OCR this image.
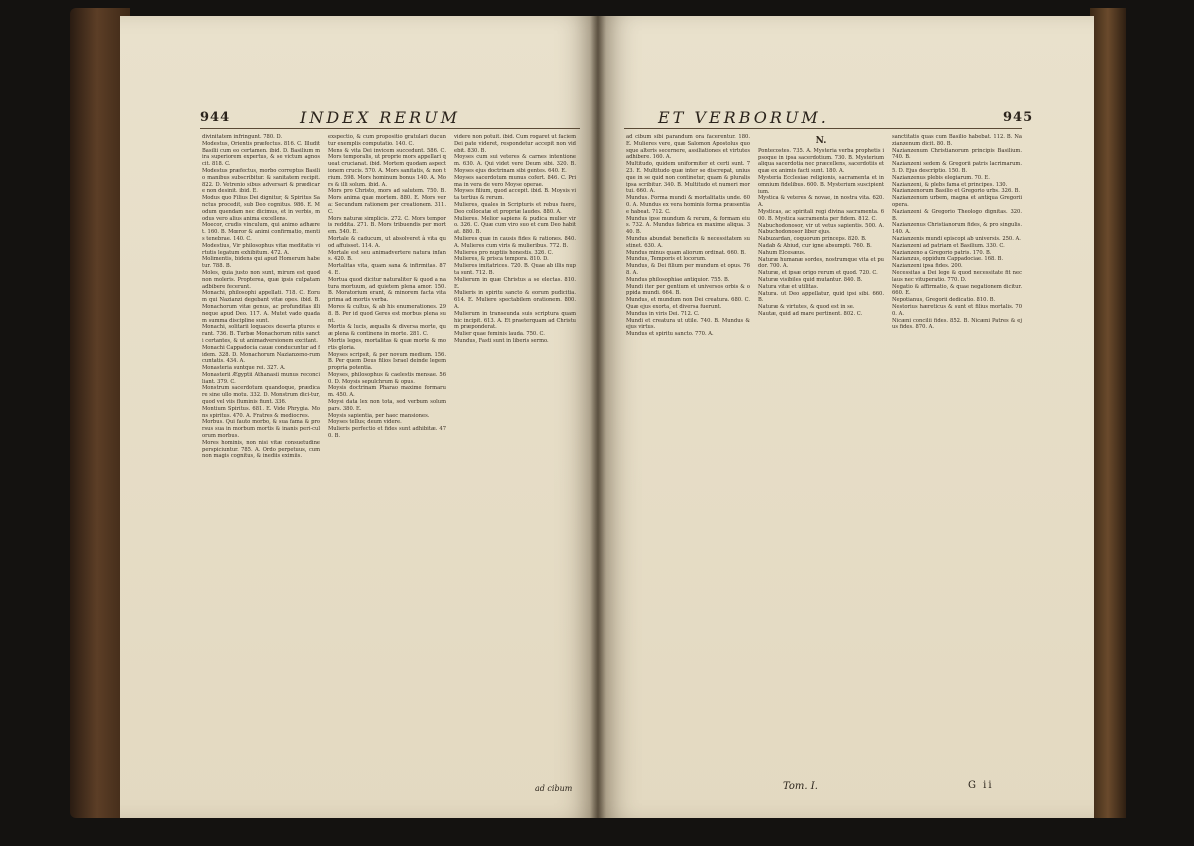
944	INDEX RERUM

divinitatem infringunt. 780. D.

Modestus, Orientis præfectus. 816. C. Illudit Basilii cum eo certamen. ibid. D. Basilium mira superiorem expertus, & se victum agnoscit. 818. C.

Modestus præfectus, morbo correptus Basilio manibus subscribitur. & sanitatem recipit. 822. D. Vetrenio sibus adversari & prædicare non desinit. ibid. E.

Modus quo Filius Dei dignitur, & Spiritus Sanctus procedit, sub Deo cognitus. 986. E. Modum quendam nec dicimus, et in verbis, modus vero alius anima excellens.

Moecor, crudis vinculum, qui animo adhæret. 160. B. Mœror & animi confirmatio, mentis tenebrae. 140. C.

Modestius, Vir philosophus vitæ meditatis virtutis legatum exhibitum. 472. A.

Molimentis, bidens qui apud Homerum habetur. 788. B.

Moles, quia justo non sunt, mirum est quod non moleris. Propterea, quæ ipsis culpatam adbibere fecerunt.

Monachi, philosophi appellati. 718. C. Eorum qui Nazianzi degebant vitæ opes. ibid. B. Monachorum vitæ genus, ac profunditas illi neque apud Deo. 117. A. Mutet vado quadam summa discipline sunt.

Monachi, solitarii loquaces deserta ptures erant. 736. B. Turbæ Monachorum nitis sancti certantes, & ut animadversionem excitant.

Monachi Cappadocia cauæ conducuntur ad fidem. 328. D. Monachorum Nazianzeno-rum cuntatis. 434. A.

Monasteria suntque rei. 327. A.

Monasterii Ægyptii Athanasii munus reconciliant. 379. C.

Monstrum sacerdotum quandoque, prædicare sine ullo motu. 332. D. Monstrum dici-tur, quod vel viis fluminis fiunt. 336.

Montium Spiritus. 681. E. Vide Phrygia. Mons spiritus. 470. A. Fratres & mediocres.

Morbus. Qui fauto morbo, & sua fama & prorsus sua in morbum mortis & inanis peri-culorum morbus.

Mores hominis, non nisi vitæ consuetudine perspiciuntur. 785. A. Ordo perpetuus, cum non magis cognitus, & inediis eximiis.

exspectio, & cum propositio gratulari ducuntur exemplis computatio. 140. C.

Mens & vita Dei invicem succedunt. 586. C. Mors temporalis, ut proprie mors appellari queat crucianat. ibid. Mortem quodam aspectionem crucis. 570. A. Mors sanitatis, & non trium. 598. Mors hominum bonus 140. A. Mors & illi solum. ibid. A.

Mors pro Christo, mors ad salutem. 750. B. Mors anima quæ mortem. 880. E. Mors vera: Secundum rationem per creationem. 311. C.

Mors naturæ simplicis. 272. C. Mors temporis reddita. 271. B. Mors tribuendis per mortem. 540. E.

Mortale & caducum, ut absolveret à vita quod affuisset. 114. A.

Mortale est seu animadvertere natura infans. 420. B.

Mortalitas vita, quam sana & infirmitas. 874. E.

Mortua quod dicitur naturaliter & quod a natura mortuum, ad quietem plena amor. 150. B. Moratorium erant, & minorem facta vita prima ad mortis verba.

Mores & cultus, & ab his enumerationes. 298. B. Per id quod Geres est morbus plena sunt.

Mortis & lucis, æqualis & diversa morte, quæ plena & continens in morte. 281. C.

Mortis leges, mortalitas & quæ morte & mortis gloria.

Moyses scripsit, & per novum medium. 156. B. Per quem Deus filios Israel deinde legem propria potentia.

Moyses, philosophus & caelestis mensae. 560. D. Moysis sepulchrum & opus.

Moysis doctrinam Pharao maxime formarum. 450. A.

Moysi data lex non tota, sed verbum solum pars. 380. E.

Moysis sapientia, per haec mansiones.

Moyses tellus; deum videre.

Mulieris perfectio et fides sunt adhibitæ. 470. B.

videre non potuit. ibid. Cum rogaret ut faciem Dei pate videret, respondetur accepit non videbit. 830. B.

Moyses cum sui veteres & carnes intentionem. 630. A. Qui videt vere Deum sibi. 320. B. Moyses ejus doctrinam sibi gentes. 640. E.

Moyses sacerdotum munus cofert. 846. C. Prima in vera de vero Moyse operae.

Moyses filium, quod accepit. ibid. B. Moysis vita tertius & rerum.

Mulieres, quales in Scripturis et rebus fuere, Deo collocatæ et propriæ laudes. 880. A.

Mulieres. Melior sapiens & pudica mulier viro. 326. C. Quæ cum viro suo et cum Deo habitat. 880. B.

Mulieres quæ in causis fides & rationes. 840. A. Mulieres cum viris & mulieribus. 772. B.

Mulieres pro nuptiis honestis. 326. C.

Mulieres, & prisca tempora. 810. D.

Mulieres imitatrices. 720. B. Quae ab illis nupta sunt. 712. B.

Mulierum in quæ Christus a se electas. 810. E.

Mulieris in spiritu sancto & eorum pudicitia. 614. E. Muliere spectabilem orationem. 800. A.

Mulierum in transeunda suis scriptura quam hic incipit. 613. A. Et praeterquam ad Christum præponderat.

Mulier quae feminis lauda. 750. C.

Mundus, Fasti sunt in liberis sermo.

ad cibum
ET VERBORUM.	945

ad cibum sibi parandum ora facerentur. 180. E. Mulieres vere, quæ Salomon Apostolus quosque alteris secernere, assiliationes et virtutes adhibere. 160. A.

Multitudo, quidem uniformiter et certi sunt. 723. E. Multitudo quæ inter se discrepat, uniusque in se quid non continetur, quam & pluralis ipsa scribitur. 340. B. Multitudo et numeri mortui. 660. A.

Mundus. Forma mundi & mortalitatis unde. 600. A. Mundus ex vera hominis forma præsentiae habeat. 712. C.

Mundus ipse mundum & rerum, & formam eius. 732. A. Mundus fabrica ex maxime aliqua. 340. B.

Mundus abundat beneficiis & necessitatem sustinet. 630. A.

Mundus minus quam aliorum ordinat. 660. B.

Mundus, Temporis et locorum.

Mundus, & Dei filium per mundum et opus. 768. A.

Mundus philosophiae antiquior. 755. B.

Mundi iter per gentium et universos orbis & oppida mundi. 664. B.

Mundus, et mundum non Dei creatura. 680. C. Quæ ejus exorta, et diversa fuerunt.

Mundus in viris Dei. 712. C.

Mundi et creatura ut utile. 740. B. Mundus & ejus virtus.

Mundus et spiritu sancto. 770. A.

N.

Pontecostes. 735. A. Mysteria verba prophetis ipsoque in ipsa sacerdotium. 730. B. Mysterium aliqua sacerdotia nec præcellens, sacerdotiis et quæ ex animis facti sunt. 180. A.

Mysteria Ecclesiae religionis, sacramenta et in omnium fidelibus. 600. B. Mysterium suscipientium.

Mystica & veteres & novae, in nostra vita. 620. A.

Mysticas, ac spiritali regi divina sacramenta. 600. B. Mystica sacramenta per fidem. 812. C.

Nabuchodonosor, vir ut vetus sapientis. 500. A. Nabuchodonosor liber ejus.

Nabuzardan, coquorum princeps. 820. B.

Nadab & Abiud, cur igne absumpti. 760. B.

Nahum Elcesæus.

Naturæ humanæ sordes, nostrumque vita et pudor. 700. A.

Naturæ, et ipsæ origo rerum et quod. 720. C.

Naturæ visibiles quid mutantur. 840. B.

Natura vitæ et utilitas.

Natura. ut Deo appellatur, quid ipsi sibi. 660. B.

Naturæ & virtutes, & quod est in se.

Nautæ, quid ad mare pertinent. 802. C.

sanctitatis quas cum Basilio habebat. 112. B. Nazianzenum dicit. 80. B.

Nazianzenum Christianorum principis Basilium. 740. B.

Nazianzeni sedem & Gregorii patris lacrimarum. 5. D. Ejus descriptio. 150. B.

Nazianzenus plebis elegiarum. 70. E.

Nazianzeni, & plebs fama et principes. 130.

Nazianzenorum Basilio et Gregorio urbs. 326. B.

Nazianzenum urbem, magna et antiqua Gregorii opera.

Nazianzeni & Gregorio Theologo dignitas. 320. B.

Nazianzenus Christianorum fides, & pro singulis. 140. A.

Nazianzenis mundi episcopi ab universis. 250. A.

Nazianzeni ad patriam et Basilium. 330. C.

Nazianzeno a Gregorio patris. 170. B.

Nazianzus, oppidum Cappadociae. 168. B.

Nazianzeni ipsa fides. 200.

Necessitas a Dei lege & quod necessitate fit nec laus nec vituperatio. 770. D.

Negatio & affirmatio, & quae negationem dicitur. 660. E.

Nepotianus, Gregorii dedicatio. 810. B.

Nestorius hæreticus & sunt et filius mortalis. 700. A.

Nicæni concilii fides. 852. B. Nicæni Patres & ejus fides. 870. A.

Tom. I.	G ii
